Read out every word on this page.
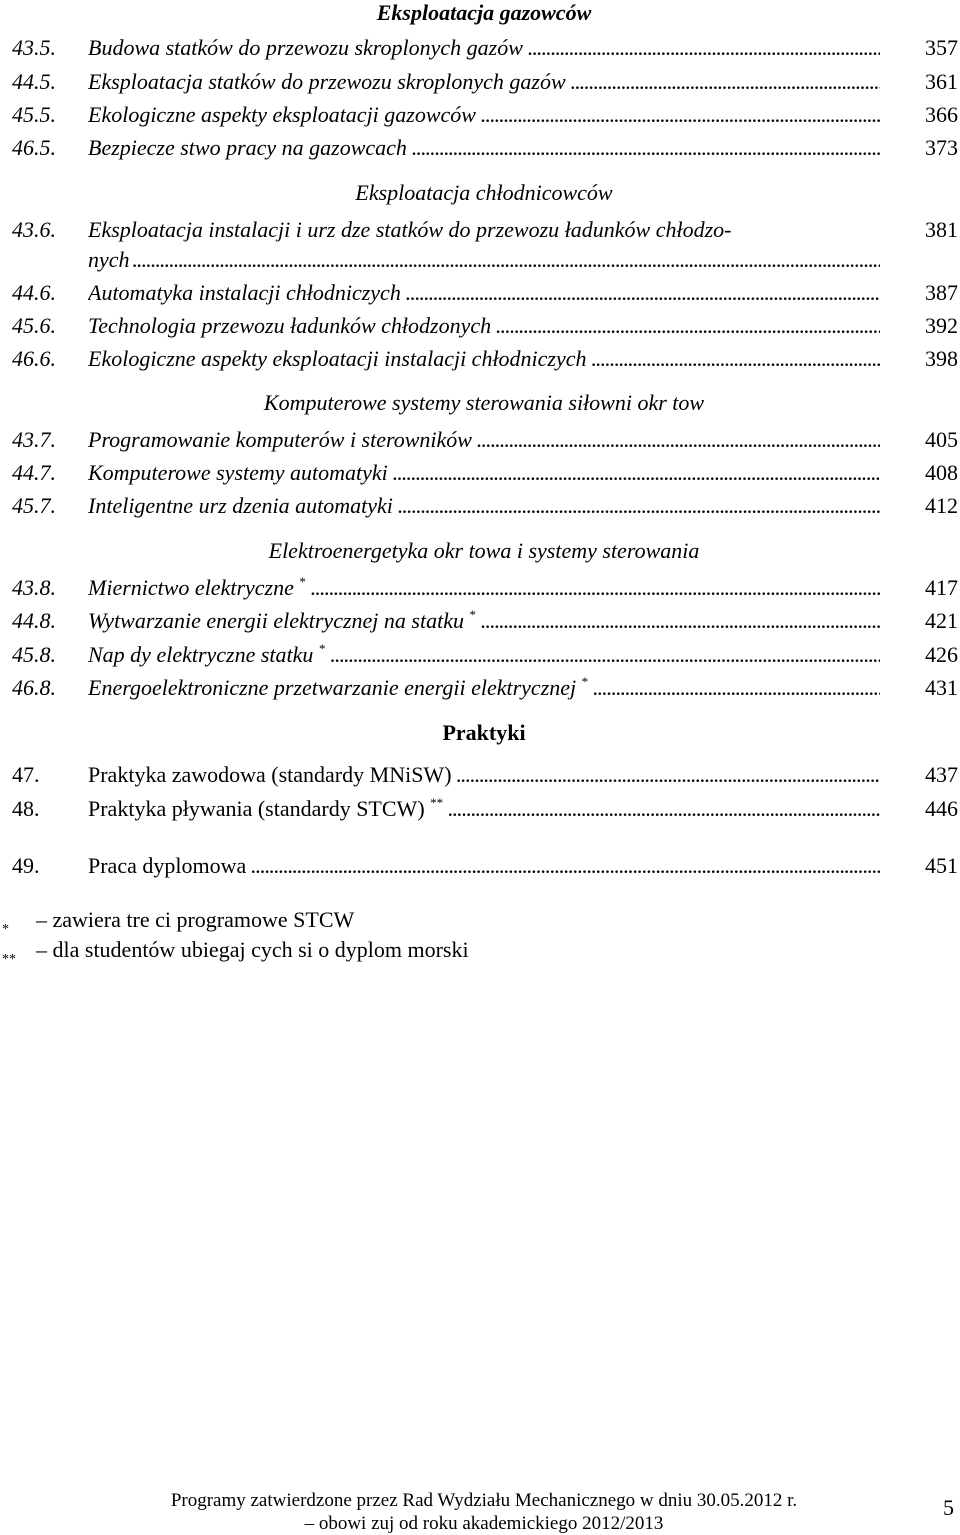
Eksploatacja gazowców
43.5. Budowa statków do przewozu skroplonych gazów . . .	357
44.5. Eksploatacja statków do przewozu skroplonych gazów . . .	361
45.5. Ekologiczne aspekty eksploatacji gazowców . . .	366
46.5. Bezpiecze stwo pracy na gazowcach . . .	373
Eksploatacja chłodnicowców
43.6. Eksploatacja instalacji i urz dze statków do przewozu ładunków chłodzo-	381
nych . . .
44.6. Automatyka instalacji chłodniczych . . .	387
45.6. Technologia przewozu ładunków chłodzonych . . .	392
46.6. Ekologiczne aspekty eksploatacji instalacji chłodniczych . . .	398
Komputerowe systemy sterowania siłowni okr tow
43.7. Programowanie komputerów i sterowników . . .	405
44.7. Komputerowe systemy automatyki . . .	408
45.7. Inteligentne urz dzenia automatyki . . .	412
Elektroenergetyka okr towa i systemy sterowania
43.8. Miernictwo elektryczne * . . .	417
44.8. Wytwarzanie energii elektrycznej na statku * . . .	421
45.8. Nap dy elektryczne statku * . . .	426
46.8. Energoelektroniczne przetwarzanie energii elektrycznej * . . .	431
Praktyki
47. Praktyka zawodowa (standardy MNiSW) . . .	437
48. Praktyka pływania (standardy STCW) ** . . .	446
49. Praca dyplomowa . . .	451
* – zawiera tre ci programowe STCW
** – dla studentów ubiegaj cych si o dyplom morski
Programy zatwierdzone przez Rad Wydziału Mechanicznego w dniu 30.05.2012 r.
– obowi zuj od roku akademickiego 2012/2013
5
